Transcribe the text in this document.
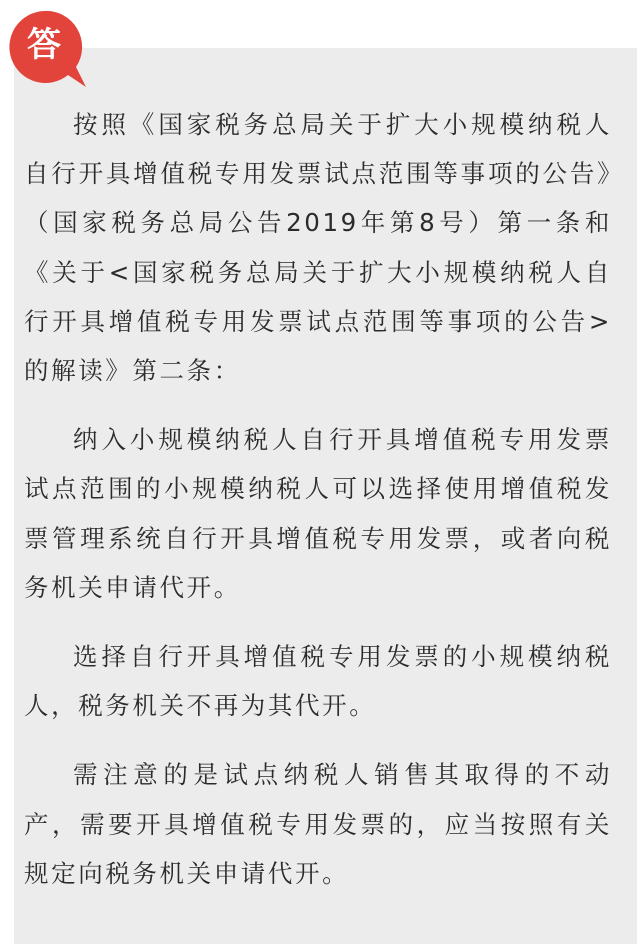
答

按照《国家税务总局关于扩大小规模纳税人自行开具增值税专用发票试点范围等事项的公告》（国家税务总局公告2019年第8号）第一条和《关于<国家税务总局关于扩大小规模纳税人自行开具增值税专用发票试点范围等事项的公告>的解读》第二条：

纳入小规模纳税人自行开具增值税专用发票试点范围的小规模纳税人可以选择使用增值税发票管理系统自行开具增值税专用发票，或者向税务机关申请代开。

选择自行开具增值税专用发票的小规模纳税人，税务机关不再为其代开。

需注意的是试点纳税人销售其取得的不动产，需要开具增值税专用发票的，应当按照有关规定向税务机关申请代开。
